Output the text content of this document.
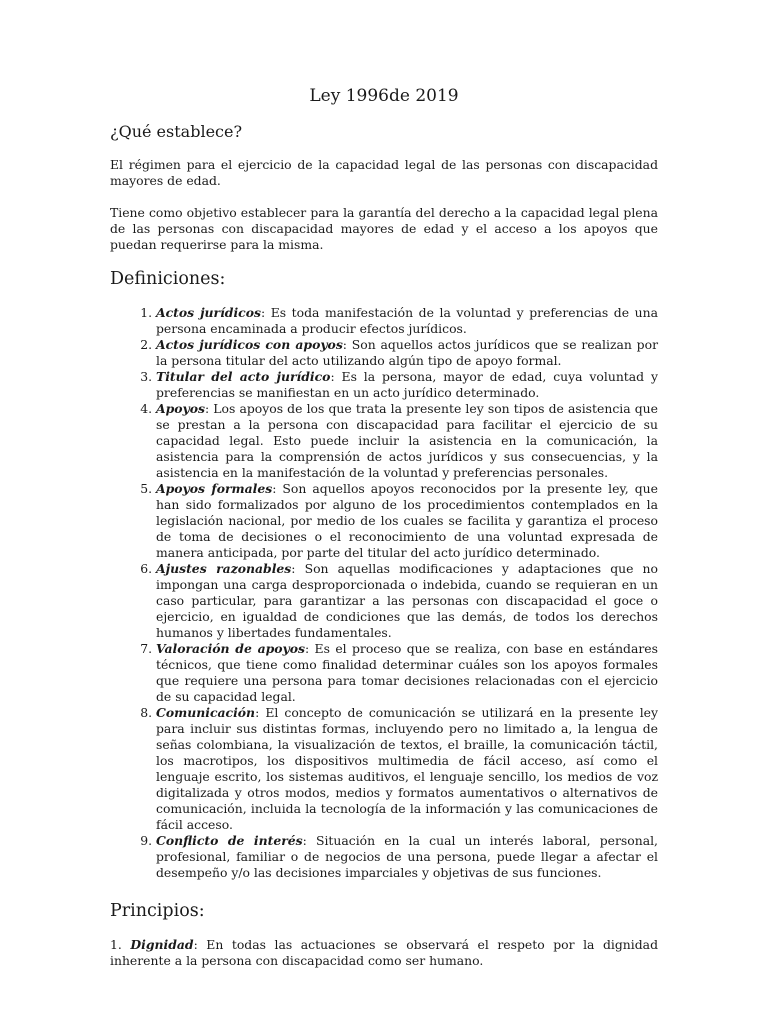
Ley 1996de 2019
¿Qué establece?

El régimen para el ejercicio de la capacidad legal de las personas con discapacidad mayores de edad.

Tiene como objetivo establecer para la garantía del derecho a la capacidad legal plena de las personas con discapacidad mayores de edad y el acceso a los apoyos que puedan requerirse para la misma.

Definiciones:
1. Actos jurídicos: Es toda manifestación de la voluntad y preferencias de una persona encaminada a producir efectos jurídicos.
2. Actos jurídicos con apoyos: Son aquellos actos jurídicos que se realizan por la persona titular del acto utilizando algún tipo de apoyo formal.
3. Titular del acto jurídico: Es la persona, mayor de edad, cuya voluntad y preferencias se manifiestan en un acto jurídico determinado.
4. Apoyos: Los apoyos de los que trata la presente ley son tipos de asistencia que se prestan a la persona con discapacidad para facilitar el ejercicio de su capacidad legal. Esto puede incluir la asistencia en la comunicación, la asistencia para la comprensión de actos jurídicos y sus consecuencias, y la asistencia en la manifestación de la voluntad y preferencias personales.
5. Apoyos formales: Son aquellos apoyos reconocidos por la presente ley, que han sido formalizados por alguno de los procedimientos contemplados en la legislación nacional, por medio de los cuales se facilita y garantiza el proceso de toma de decisiones o el reconocimiento de una voluntad expresada de manera anticipada, por parte del titular del acto jurídico determinado.
6. Ajustes razonables: Son aquellas modificaciones y adaptaciones que no impongan una carga desproporcionada o indebida, cuando se requieran en un caso particular, para garantizar a las personas con discapacidad el goce o ejercicio, en igualdad de condiciones que las demás, de todos los derechos humanos y libertades fundamentales.
7. Valoración de apoyos: Es el proceso que se realiza, con base en estándares técnicos, que tiene como finalidad determinar cuáles son los apoyos formales que requiere una persona para tomar decisiones relacionadas con el ejercicio de su capacidad legal.
8. Comunicación: El concepto de comunicación se utilizará en la presente ley para incluir sus distintas formas, incluyendo pero no limitado a, la lengua de señas colombiana, la visualización de textos, el braille, la comunicación táctil, los macrotipos, los dispositivos multimedia de fácil acceso, así como el lenguaje escrito, los sistemas auditivos, el lenguaje sencillo, los medios de voz digitalizada y otros modos, medios y formatos aumentativos o alternativos de comunicación, incluida la tecnología de la información y las comunicaciones de fácil acceso.
9. Conflicto de interés: Situación en la cual un interés laboral, personal, profesional, familiar o de negocios de una persona, puede llegar a afectar el desempeño y/o las decisiones imparciales y objetivas de sus funciones.
Principios:

1. Dignidad: En todas las actuaciones se observará el respeto por la dignidad inherente a la persona con discapacidad como ser humano.
